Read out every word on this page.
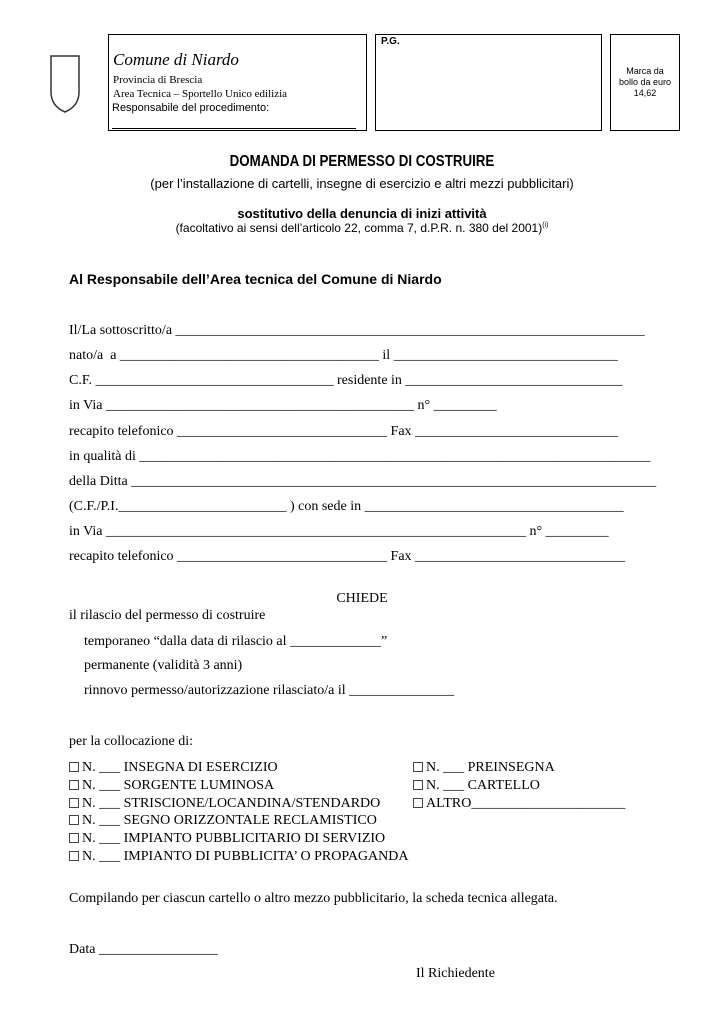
Comune di Niardo
Provincia di Brescia
Area Tecnica – Sportello Unico edilizia
Responsabile del procedimento:
P.G.
Marca da
bollo da euro
14,62
DOMANDA DI PERMESSO DI COSTRUIRE
(per l’installazione di cartelli, insegne di esercizio e altri mezzi pubblicitari)
sostitutivo della denuncia di inizi attività
(facoltativo ai sensi dell’articolo 22, comma 7, d.P.R. n. 380 del 2001)$^{(i)}$
Al Responsabile dell’Area tecnica del Comune di Niardo
Il/La sottoscritto/a ___________________________________________________________________
nato/a  a _____________________________________ il ________________________________
C.F. __________________________________ residente in _______________________________
in Via ____________________________________________ n° _________
recapito telefonico ______________________________ Fax _____________________________
in qualità di _________________________________________________________________________
della Ditta ___________________________________________________________________________
(C.F./P.I.________________________ ) con sede in _____________________________________
in Via ____________________________________________________________ n° _________
recapito telefonico ______________________________ Fax ______________________________
CHIEDE
il rilascio del permesso di costruire
temporaneo “dalla data di rilascio al _____________”
permanente (validità 3 anni)
rinnovo permesso/autorizzazione rilasciato/a il _______________
per la collocazione di:
N. ___ INSEGNA DI ESERCIZIO
N. ___ SORGENTE LUMINOSA
N. ___ STRISCIONE/LOCANDINA/STENDARDO
N. ___ SEGNO ORIZZONTALE RECLAMISTICO
N. ___ IMPIANTO PUBBLICITARIO DI SERVIZIO
N. ___ IMPIANTO DI PUBBLICITA’ O PROPAGANDA
N. ___ PREINSEGNA
N. ___ CARTELLO
ALTRO______________________
Compilando per ciascun cartello o altro mezzo pubblicitario, la scheda tecnica allegata.
Data _________________
Il Richiedente
